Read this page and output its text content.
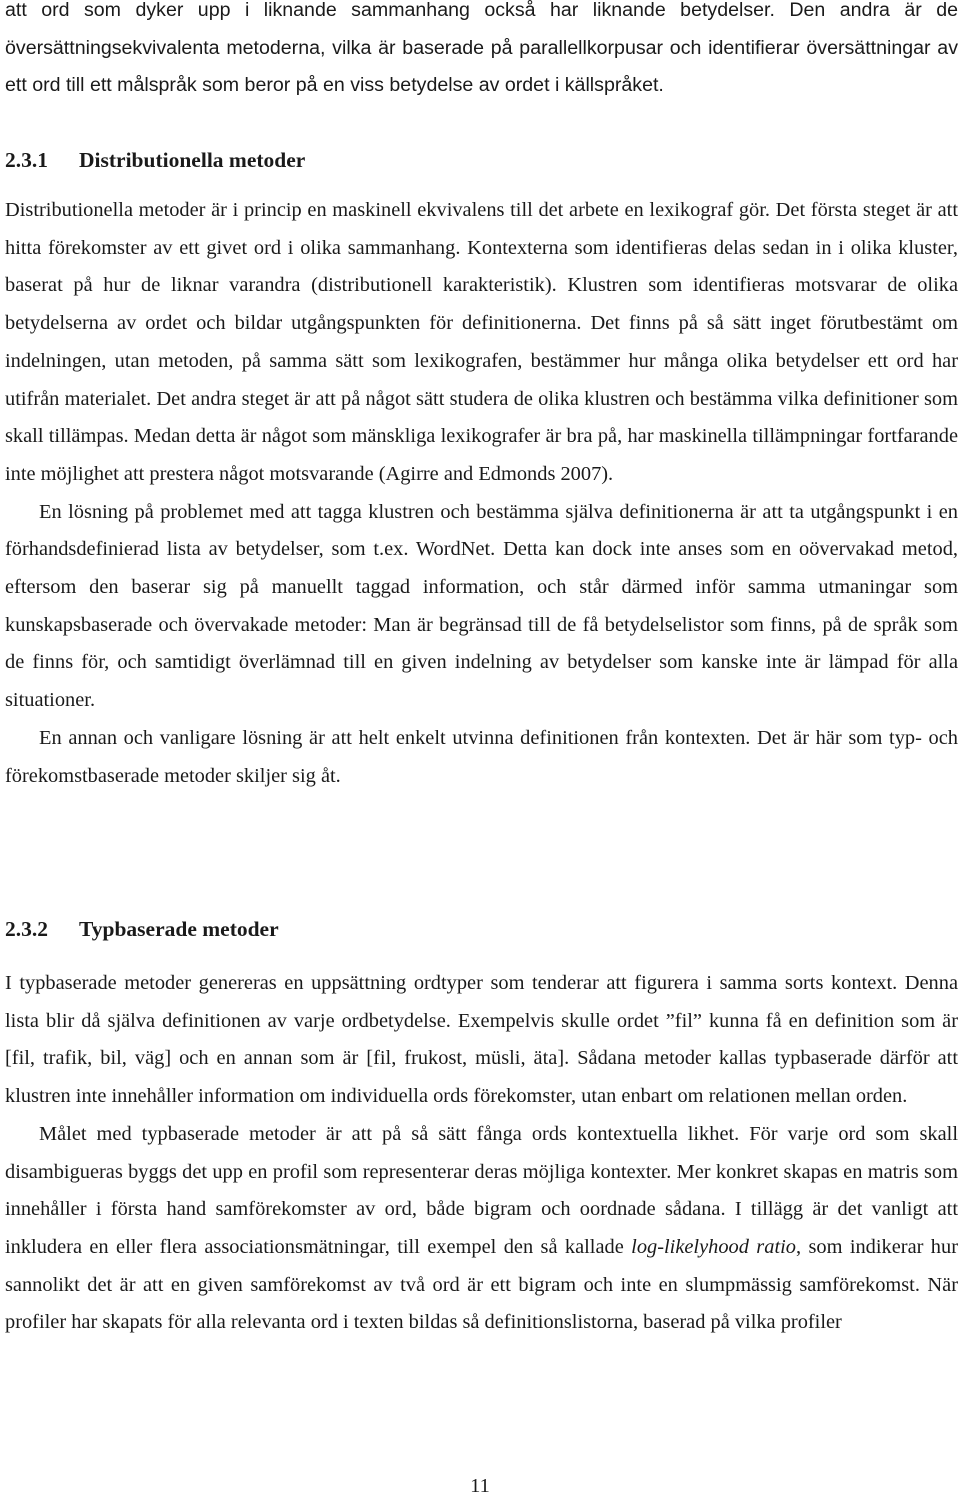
att ord som dyker upp i liknande sammanhang också har liknande betydelser. Den andra är de översättningsekvivalenta metoderna, vilka är baserade på parallellkorpusar och identifierar översättningar av ett ord till ett målspråk som beror på en viss betydelse av ordet i källspråket.

2.3.1 Distributionella metoder

Distributionella metoder är i princip en maskinell ekvivalens till det arbete en lexikograf gör. Det första steget är att hitta förekomster av ett givet ord i olika sammanhang. Kontexterna som identifieras delas sedan in i olika kluster, baserat på hur de liknar varandra (distributionell karakteristik). Klustren som identifieras motsvarar de olika betydelserna av ordet och bildar utgångspunkten för definitionerna. Det finns på så sätt inget förutbestämt om indelningen, utan metoden, på samma sätt som lexikografen, bestämmer hur många olika betydelser ett ord har utifrån materialet. Det andra steget är att på något sätt studera de olika klustren och bestämma vilka definitioner som skall tillämpas. Medan detta är något som mänskliga lexikografer är bra på, har maskinella tillämpningar fortfarande inte möjlighet att prestera något motsvarande (Agirre and Edmonds 2007).

En lösning på problemet med att tagga klustren och bestämma själva definitionerna är att ta utgångspunkt i en förhandsdefinierad lista av betydelser, som t.ex. WordNet. Detta kan dock inte anses som en oövervakad metod, eftersom den baserar sig på manuellt taggad information, och står därmed inför samma utmaningar som kunskapsbaserade och övervakade metoder: Man är begränsad till de få betydelselistor som finns, på de språk som de finns för, och samtidigt överlämnad till en given indelning av betydelser som kanske inte är lämpad för alla situationer.

En annan och vanligare lösning är att helt enkelt utvinna definitionen från kontexten. Det är här som typ- och förekomstbaserade metoder skiljer sig åt.

2.3.2 Typbaserade metoder

I typbaserade metoder genereras en uppsättning ordtyper som tenderar att figurera i samma sorts kontext. Denna lista blir då själva definitionen av varje ordbetydelse. Exempelvis skulle ordet ”fil” kunna få en definition som är [fil, trafik, bil, väg] och en annan som är [fil, frukost, müsli, äta]. Sådana metoder kallas typbaserade därför att klustren inte innehåller information om individuella ords förekomster, utan enbart om relationen mellan orden.

Målet med typbaserade metoder är att på så sätt fånga ords kontextuella likhet. För varje ord som skall disambigueras byggs det upp en profil som representerar deras möjliga kontexter. Mer konkret skapas en matris som innehåller i första hand samförekomster av ord, både bigram och oordnade sådana. I tillägg är det vanligt att inkludera en eller flera associationsmätningar, till exempel den så kallade log-likelyhood ratio, som indikerar hur sannolikt det är att en given samförekomst av två ord är ett bigram och inte en slumpmässig samförekomst. När profiler har skapats för alla relevanta ord i texten bildas så definitionslistorna, baserad på vilka profiler

11
